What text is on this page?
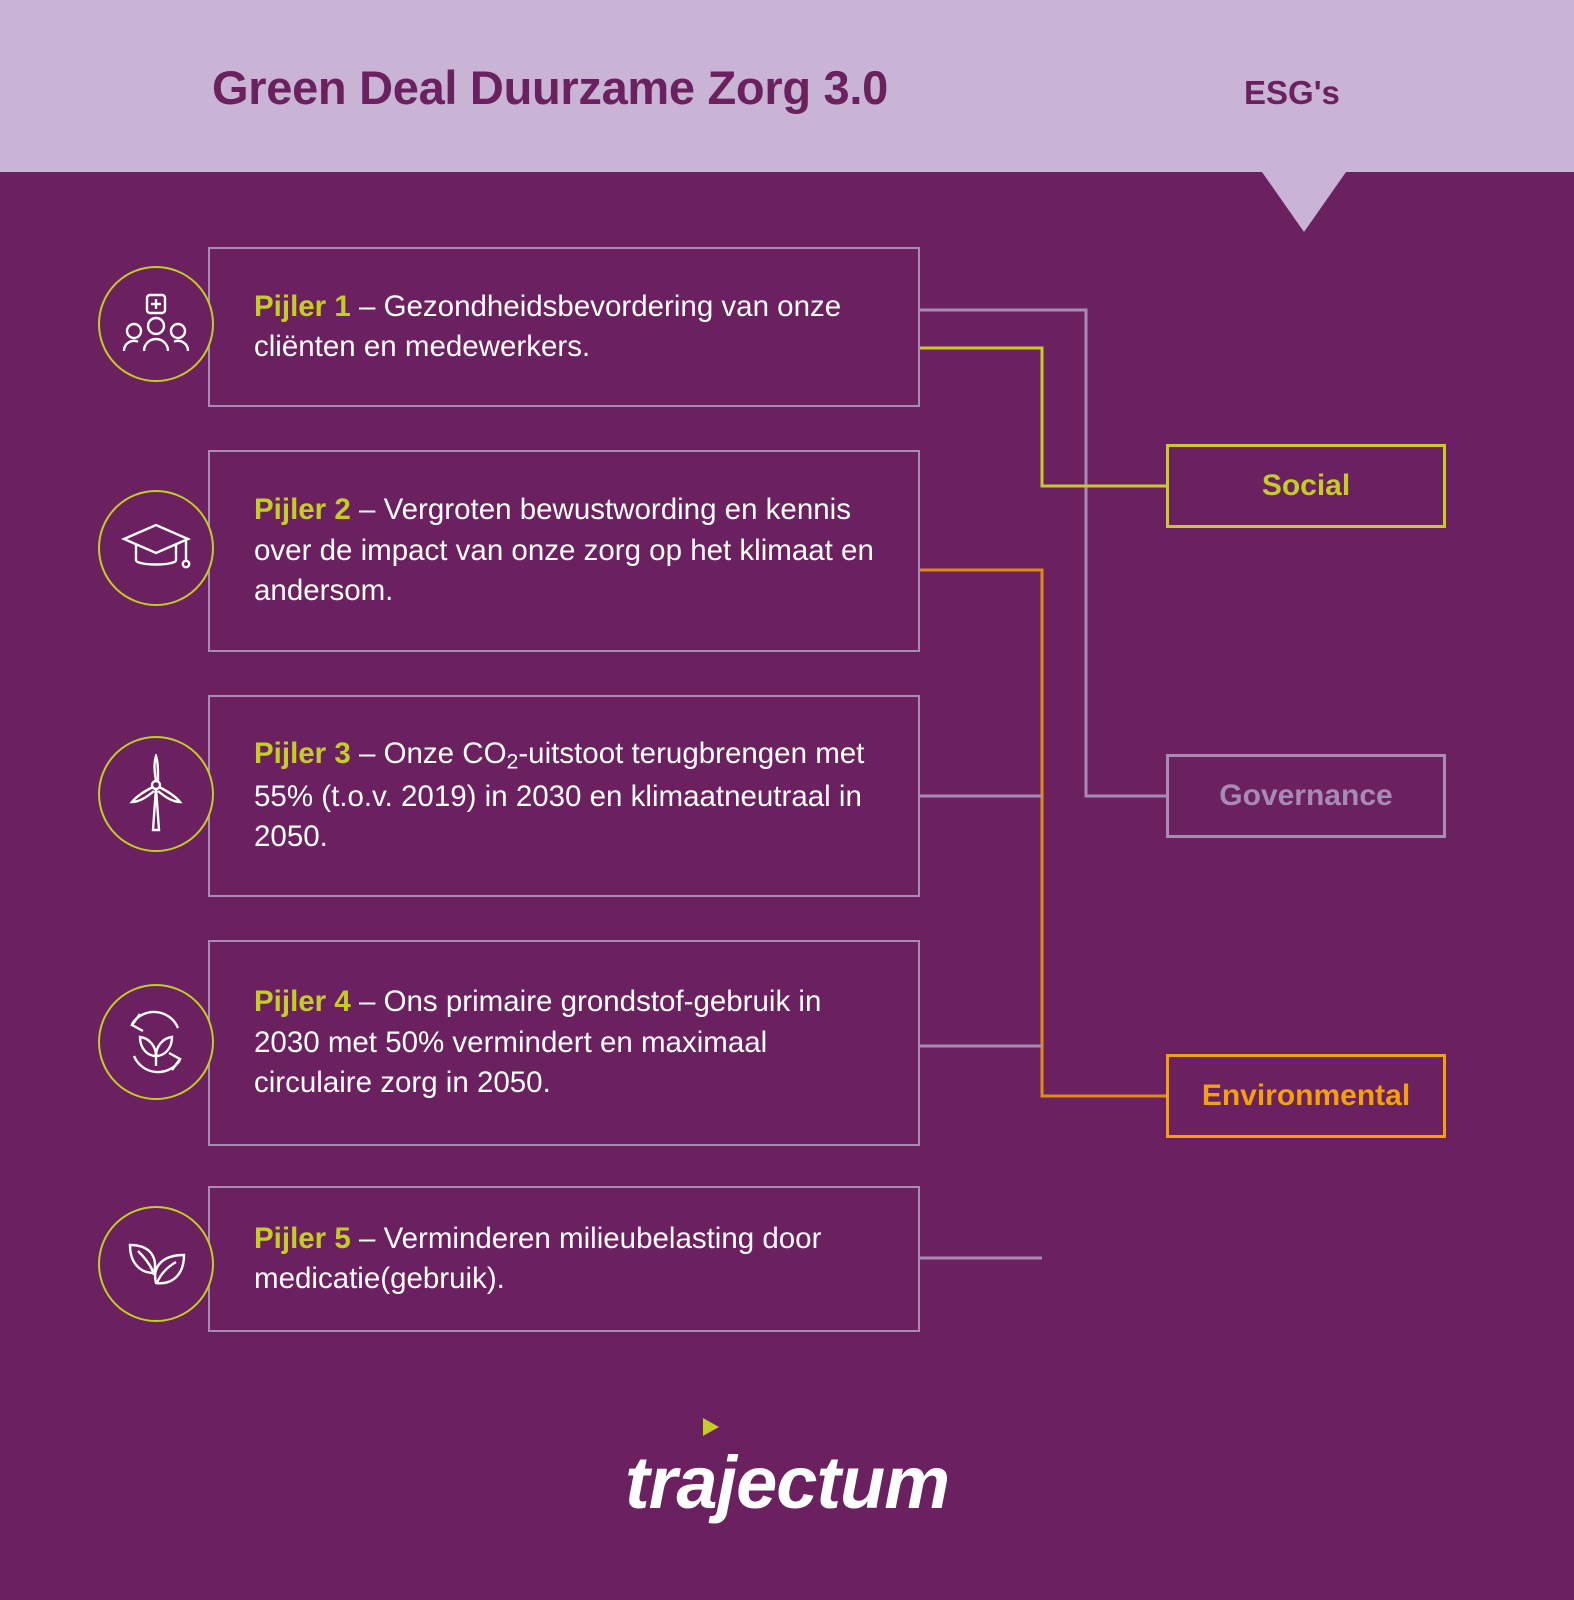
Green Deal Duurzame Zorg 3.0	ESG's
Pijler 1 – Gezondheidsbevordering van onze cliënten en medewerkers.
Pijler 2 – Vergroten bewustwording en kennis over de impact van onze zorg op het klimaat en andersom.
Pijler 3 – Onze $CO_2$-uitstoot terugbrengen met 55% (t.o.v. 2019) in 2030 en klimaatneutraal in 2050.
Pijler 4 – Ons primaire grondstof-gebruik in 2030 met 50% vermindert en maximaal circulaire zorg in 2050.
Pijler 5 – Verminderen milieubelasting door medicatie(gebruik).
Social
Governance
Environmental
trajectum
